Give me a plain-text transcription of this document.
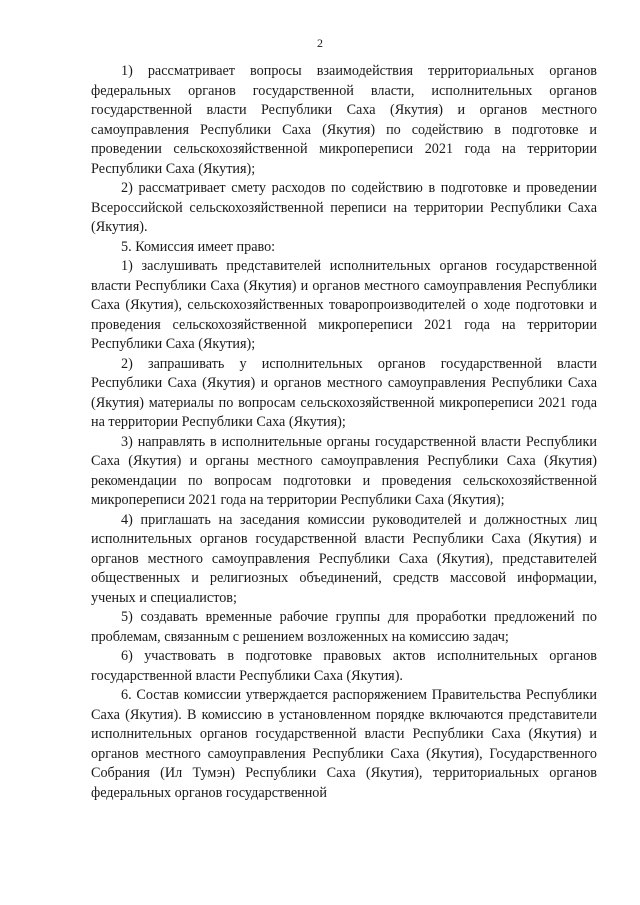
2

1) рассматривает вопросы взаимодействия территориальных органов федеральных органов государственной власти, исполнительных органов государственной власти Республики Саха (Якутия) и органов местного самоуправления Республики Саха (Якутия) по содействию в подготовке и проведении сельскохозяйственной микропереписи 2021 года на территории Республики Саха (Якутия);

2) рассматривает смету расходов по содействию в подготовке и проведении Всероссийской сельскохозяйственной переписи на территории Республики Саха (Якутия).

5. Комиссия имеет право:

1) заслушивать представителей исполнительных органов государственной власти Республики Саха (Якутия) и органов местного самоуправления Республики Саха (Якутия), сельскохозяйственных товаропроизводителей о ходе подготовки и проведения сельскохозяйственной микропереписи 2021 года на территории Республики Саха (Якутия);

2) запрашивать у исполнительных органов государственной власти Республики Саха (Якутия) и органов местного самоуправления Республики Саха (Якутия) материалы по вопросам сельскохозяйственной микропереписи 2021 года на территории Республики Саха (Якутия);

3) направлять в исполнительные органы государственной власти Республики Саха (Якутия) и органы местного самоуправления Республики Саха (Якутия) рекомендации по вопросам подготовки и проведения сельскохозяйственной микропереписи 2021 года на территории Республики Саха (Якутия);

4) приглашать на заседания комиссии руководителей и должностных лиц исполнительных органов государственной власти Республики Саха (Якутия) и органов местного самоуправления Республики Саха (Якутия), представителей общественных и религиозных объединений, средств массовой информации, ученых и специалистов;

5) создавать временные рабочие группы для проработки предложений по проблемам, связанным с решением возложенных на комиссию задач;

6) участвовать в подготовке правовых актов исполнительных органов государственной власти Республики Саха (Якутия).

6. Состав комиссии утверждается распоряжением Правительства Республики Саха (Якутия). В комиссию в установленном порядке включаются представители исполнительных органов государственной власти Республики Саха (Якутия) и органов местного самоуправления Республики Саха (Якутия), Государственного Собрания (Ил Тумэн) Республики Саха (Якутия), территориальных органов федеральных органов государственной
